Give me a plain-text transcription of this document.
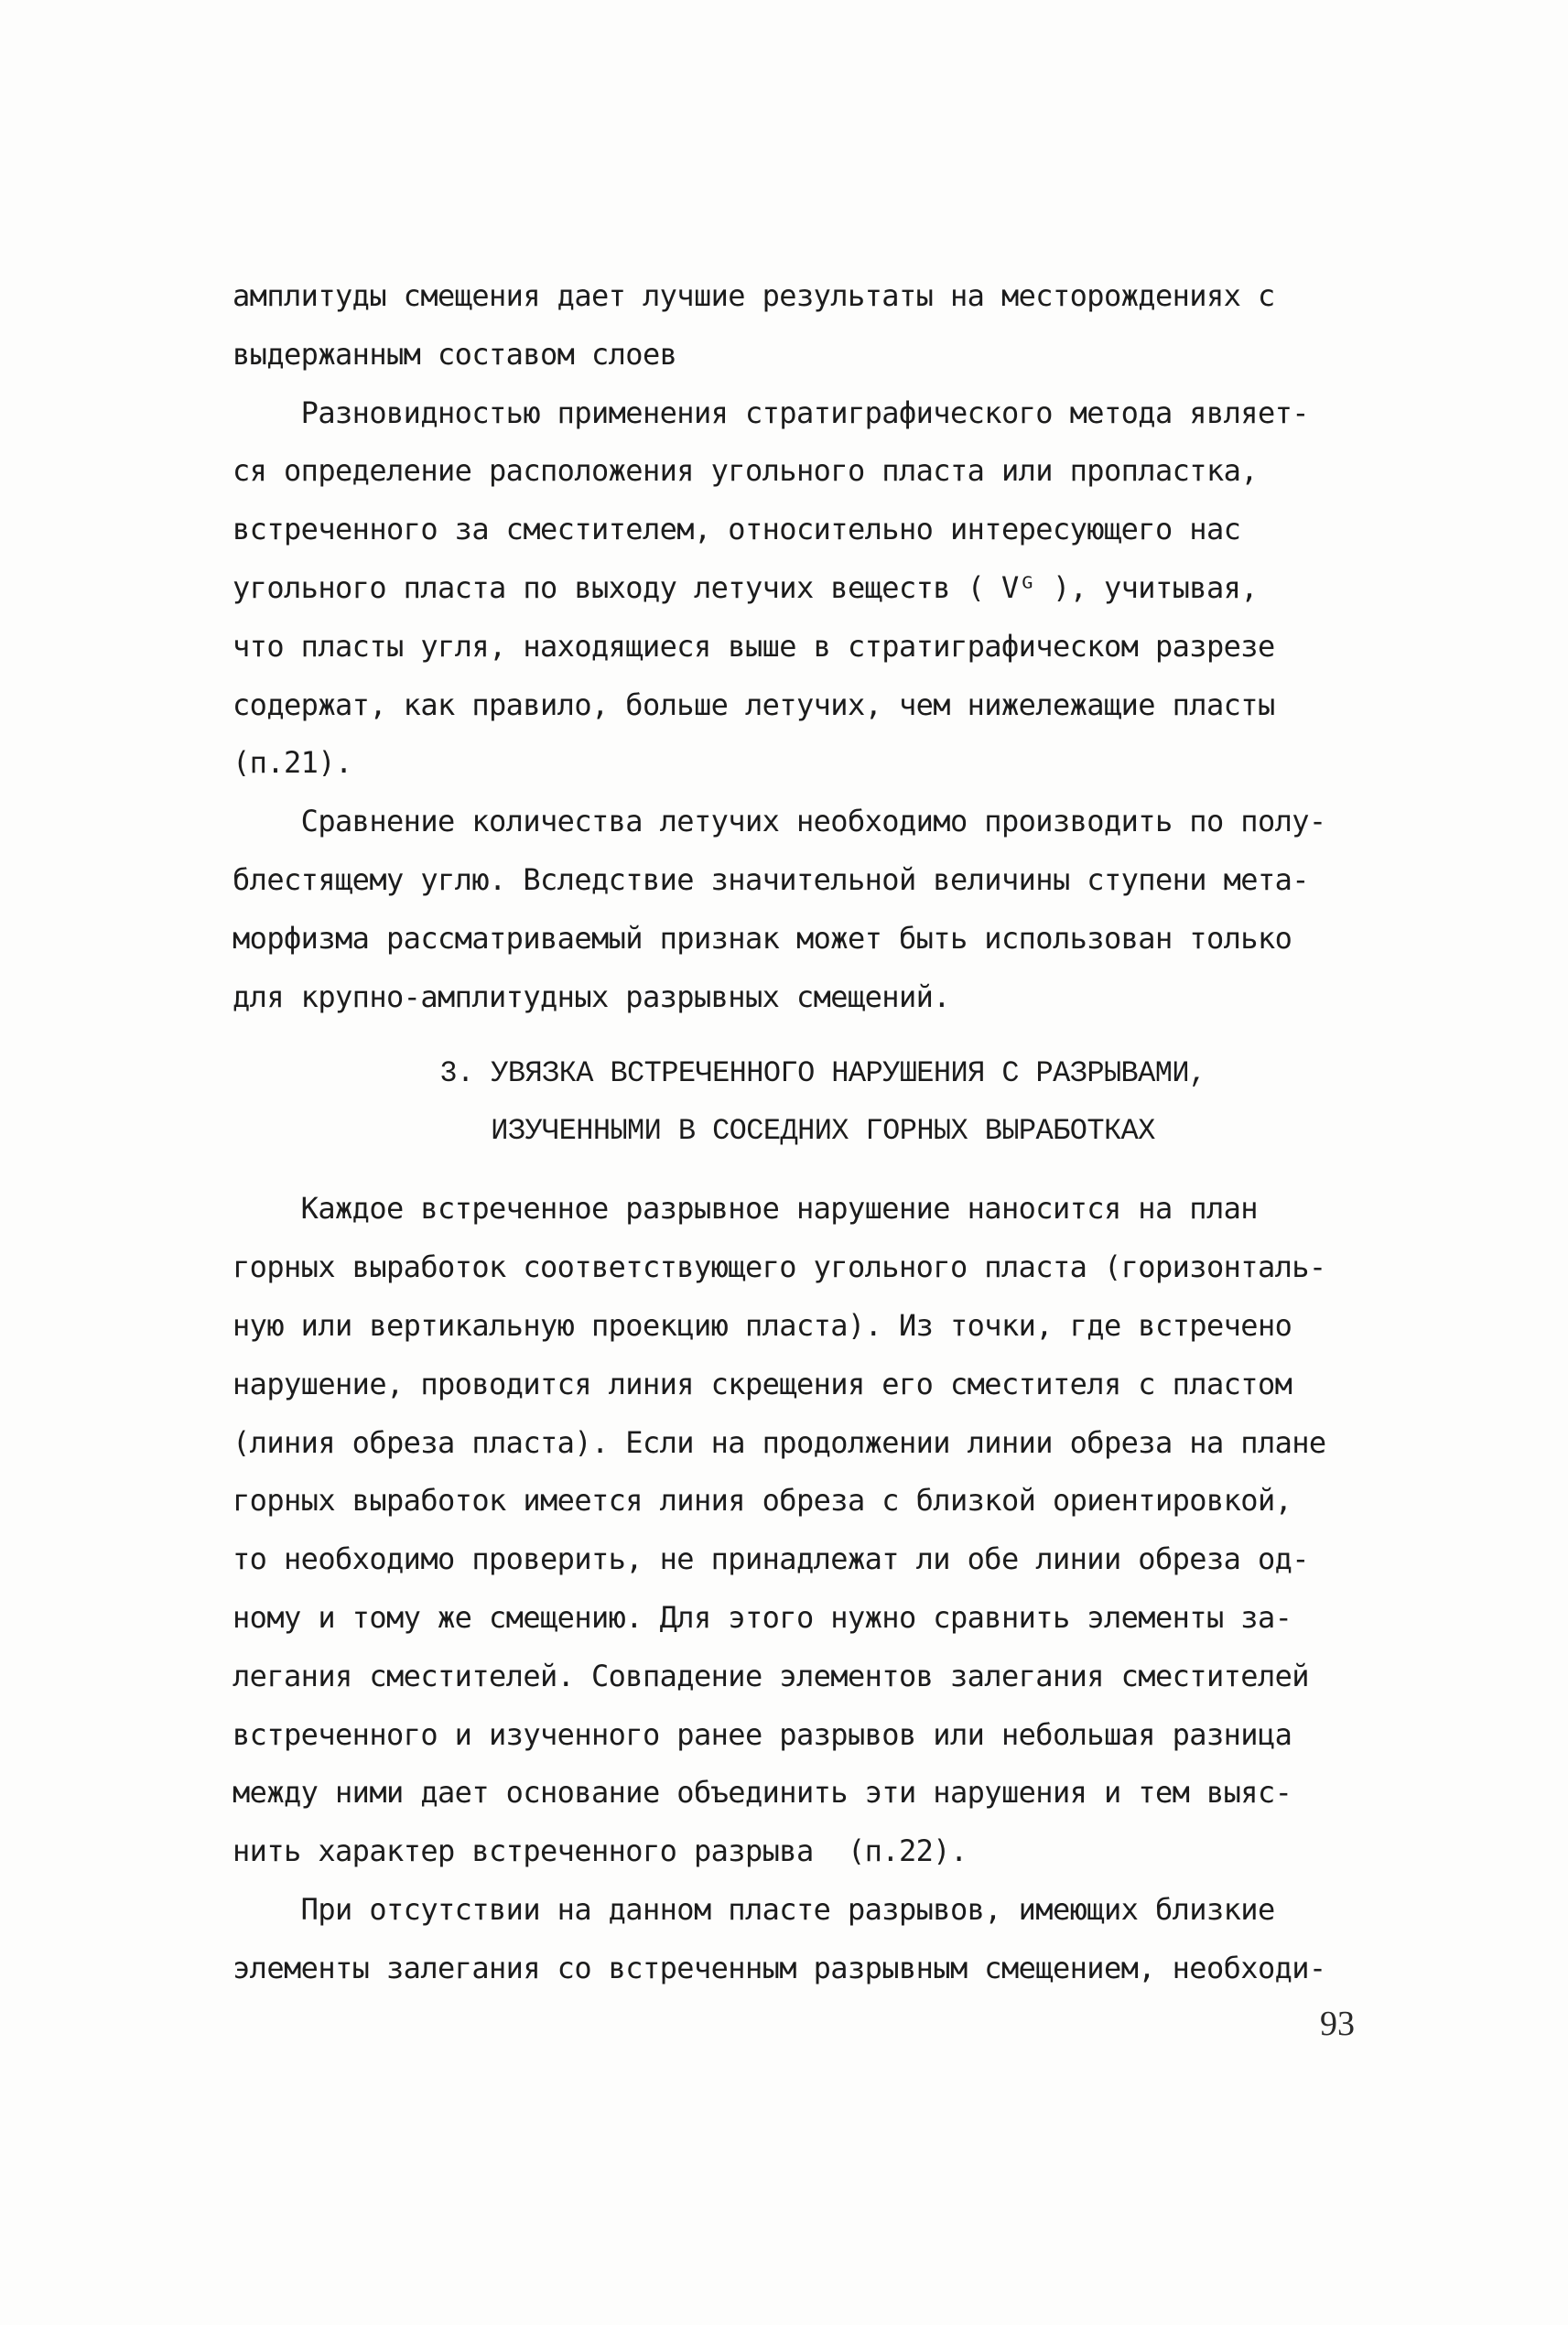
амплитуды смещения дает лучшие результаты на месторождениях с
выдержанным составом слоев
Разновидностью применения стратиграфического метода являет-
ся определение расположения угольного пласта или пропластка,
встреченного за сместителем, относительно интересующего нас
угольного пласта по выходу летучих веществ ( Vᴳ ), учитывая,
что пласты угля, находящиеся выше в стратиграфическом разрезе
содержат, как правило, больше летучих, чем нижележащие пласты
(п.21).
Сравнение количества летучих необходимо производить по полу-
блестящему углю. Вследствие значительной величины ступени мета-
морфизма рассматриваемый признак может быть использован только
для крупно-амплитудных разрывных смещений.
3. УВЯЗКА ВСТРЕЧЕННОГО НАРУШЕНИЯ С РАЗРЫВАМИ,
ИЗУЧЕННЫМИ В СОСЕДНИХ ГОРНЫХ ВЫРАБОТКАХ
Каждое встреченное разрывное нарушение наносится на план
горных выработок соответствующего угольного пласта (горизонталь-
ную или вертикальную проекцию пласта). Из точки, где встречено
нарушение, проводится линия скрещения его сместителя с пластом
(линия обреза пласта). Если на продолжении линии обреза на плане
горных выработок имеется линия обреза с близкой ориентировкой,
то необходимо проверить, не принадлежат ли обе линии обреза од-
ному и тому же смещению. Для этого нужно сравнить элементы за-
легания сместителей. Совпадение элементов залегания сместителей
встреченного и изученного ранее разрывов или небольшая разница
между ними дает основание объединить эти нарушения и тем выяс-
нить характер встреченного разрыва  (п.22).
При отсутствии на данном пласте разрывов, имеющих близкие
элементы залегания со встреченным разрывным смещением, необходи-
93
